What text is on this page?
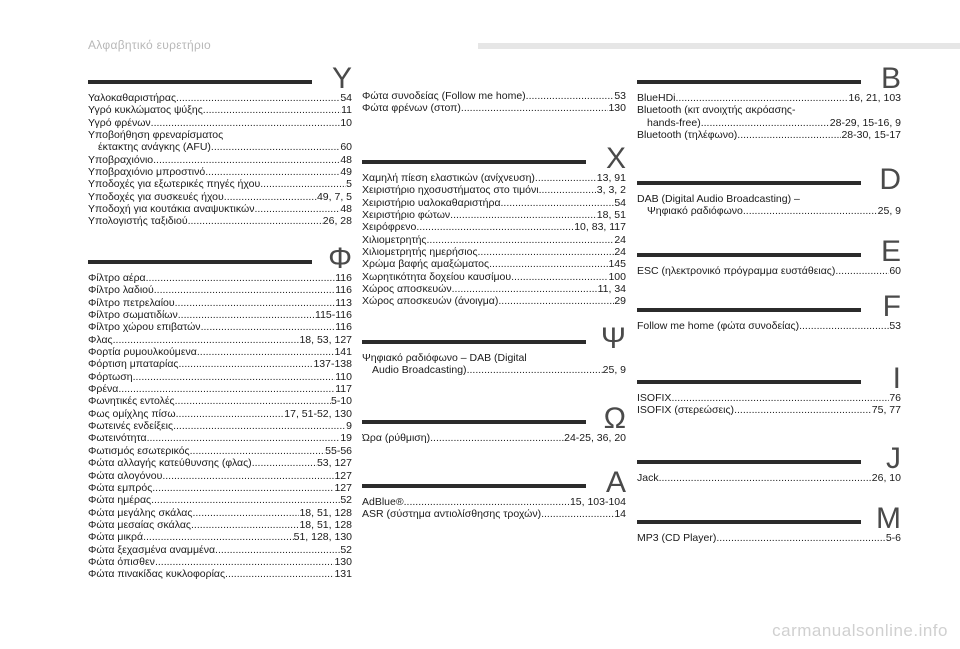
Αλφαβητικό ευρετήριο
Υ
Υαλοκαθαριστήρας .....	54
Υγρό κυκλώματος ψύξης .....	11
Υγρό φρένων .....	10
Υποβοήθηση φρεναρίσματος
έκτακτης ανάγκης (AFU) .....	60
Υποβραχιόνιο .....	48
Υποβραχιόνιο μπροστινό .....	49
Υποδοχές για εξωτερικές πηγές ήχου .....	5
Υποδοχές για συσκευές ήχου .....	49, 7, 5
Υποδοχή για κουτάκια αναψυκτικών .....	48
Υπολογιστής ταξιδιού .....	26, 28
Φ
Φίλτρο αέρα .....	116
Φίλτρο λαδιού .....	116
Φίλτρο πετρελαίου .....	113
Φίλτρο σωματιδίων .....	115-116
Φίλτρο χώρου επιβατών .....	116
Φλας .....	18, 53, 127
Φορτία ρυμουλκούμενα .....	141
Φόρτιση μπαταρίας .....	137-138
Φόρτωση .....	110
Φρένα .....	117
Φωνητικές εντολές .....	5-10
Φως ομίχλης πίσω .....	17, 51-52, 130
Φωτεινές ενδείξεις .....	9
Φωτεινότητα .....	19
Φωτισμός εσωτερικός .....	55-56
Φώτα αλλαγής κατεύθυνσης (φλας) .....	53, 127
Φώτα αλογόνου .....	127
Φώτα εμπρός .....	127
Φώτα ημέρας .....	52
Φώτα μεγάλης σκάλας .....	18, 51, 128
Φώτα μεσαίας σκάλας .....	18, 51, 128
Φώτα μικρά .....	51, 128, 130
Φώτα ξεχασμένα αναμμένα .....	52
Φώτα όπισθεν .....	130
Φώτα πινακίδας κυκλοφορίας .....	131
Φώτα συνοδείας (Follow me home) .....	53
Φώτα φρένων (στοπ) .....	130
Χ
Χαμηλή πίεση ελαστικών (ανίχνευση) .....	13, 91
Χειριστήριο ηχοσυστήματος στο τιμόνι .....	3, 3, 2
Χειριστήριο υαλοκαθαριστήρα .....	54
Χειριστήριο φώτων .....	18, 51
Χειρόφρενο .....	10, 83, 117
Χιλιομετρητής .....	24
Χιλιομετρητής ημερήσιος .....	24
Χρώμα βαφής αμαξώματος .....	145
Χωρητικότητα δοχείου καυσίμου .....	100
Χώρος αποσκευών .....	11, 34
Χώρος αποσκευών (άνοιγμα) .....	29
Ψ
Ψηφιακό ραδιόφωνο – DAB (Digital
Audio Broadcasting) .....	25, 9
Ω
Ώρα (ρύθμιση) .....	24-25, 36, 20
A
AdBlue® .....	15, 103-104
ASR (σύστημα αντιολίσθησης τροχών) .....	14
B
BlueHDi .....	16, 21, 103
Bluetooth (κιτ ανοιχτής ακρόασης-
hands-free) .....	28-29, 15-16, 9
Bluetooth (τηλέφωνο) .....	28-30, 15-17
D
DAB (Digital Audio Broadcasting) –
Ψηφιακό ραδιόφωνο .....	25, 9
E
ESC (ηλεκτρονικό πρόγραμμα ευστάθειας) .....	60
F
Follow me home (φώτα συνοδείας) .....	53
I
ISOFIX .....	76
ISOFIX (στερεώσεις) .....	75, 77
J
Jack .....	26, 10
M
MP3 (CD Player) .....	5-6
carmanualsonline.info
